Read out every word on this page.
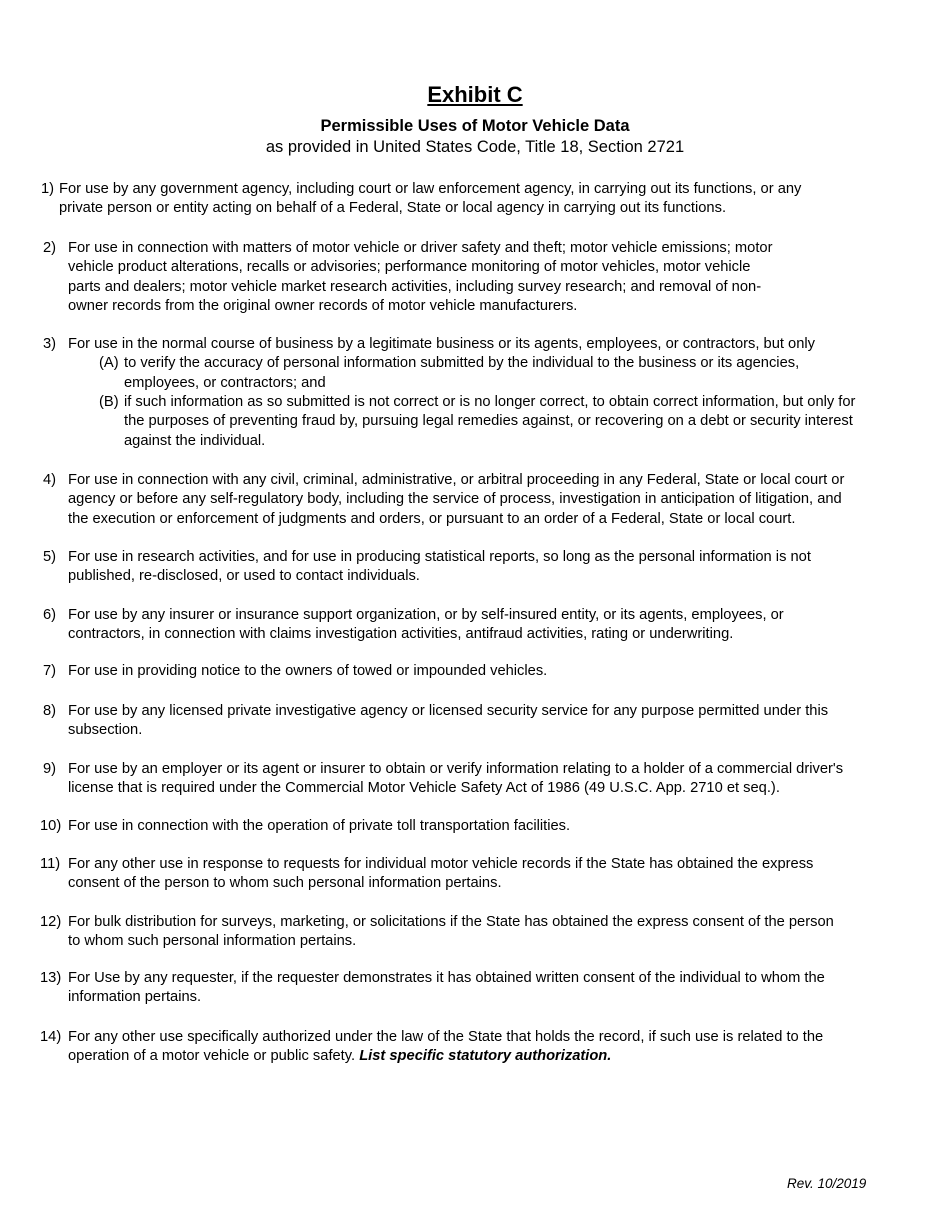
Exhibit C
Permissible Uses of Motor Vehicle Data
as provided in United States Code, Title 18, Section 2721
1) For use by any government agency, including court or law enforcement agency, in carrying out its functions, or any
private person or entity acting on behalf of a Federal, State or local agency in carrying out its functions.
2) For use in connection with matters of motor vehicle or driver safety and theft; motor vehicle emissions; motor
vehicle product alterations, recalls or advisories; performance monitoring of motor vehicles, motor vehicle
parts and dealers; motor vehicle market research activities, including survey research; and removal of non-
owner records from the original owner records of motor vehicle manufacturers.
3) For use in the normal course of business by a legitimate business or its agents, employees, or contractors, but only
(A) to verify the accuracy of personal information submitted by the individual to the business or its agencies,
employees, or contractors; and
(B) if such information as so submitted is not correct or is no longer correct, to obtain correct information, but only for
the purposes of preventing fraud by, pursuing legal remedies against, or recovering on a debt or security interest
against the individual.
4) For use in connection with any civil, criminal, administrative, or arbitral proceeding in any Federal, State or local court or
agency or before any self-regulatory body, including the service of process, investigation in anticipation of litigation, and
the execution or enforcement of judgments and orders, or pursuant to an order of a Federal, State or local court.
5) For use in research activities, and for use in producing statistical reports, so long as the personal information is not
published, re-disclosed, or used to contact individuals.
6) For use by any insurer or insurance support organization, or by self-insured entity, or its agents, employees, or
contractors, in connection with claims investigation activities, antifraud activities, rating or underwriting.
7) For use in providing notice to the owners of towed or impounded vehicles.
8) For use by any licensed private investigative agency or licensed security service for any purpose permitted under this
subsection.
9) For use by an employer or its agent or insurer to obtain or verify information relating to a holder of a commercial driver's
license that is required under the Commercial Motor Vehicle Safety Act of 1986 (49 U.S.C. App. 2710 et seq.).
10) For use in connection with the operation of private toll transportation facilities.
11) For any other use in response to requests for individual motor vehicle records if the State has obtained the express
consent of the person to whom such personal information pertains.
12) For bulk distribution for surveys, marketing, or solicitations if the State has obtained the express consent of the person
to whom such personal information pertains.
13) For Use by any requester, if the requester demonstrates it has obtained written consent of the individual to whom the
information pertains.
14) For any other use specifically authorized under the law of the State that holds the record, if such use is related to the
operation of a motor vehicle or public safety. List specific statutory authorization.
Rev. 10/2019
